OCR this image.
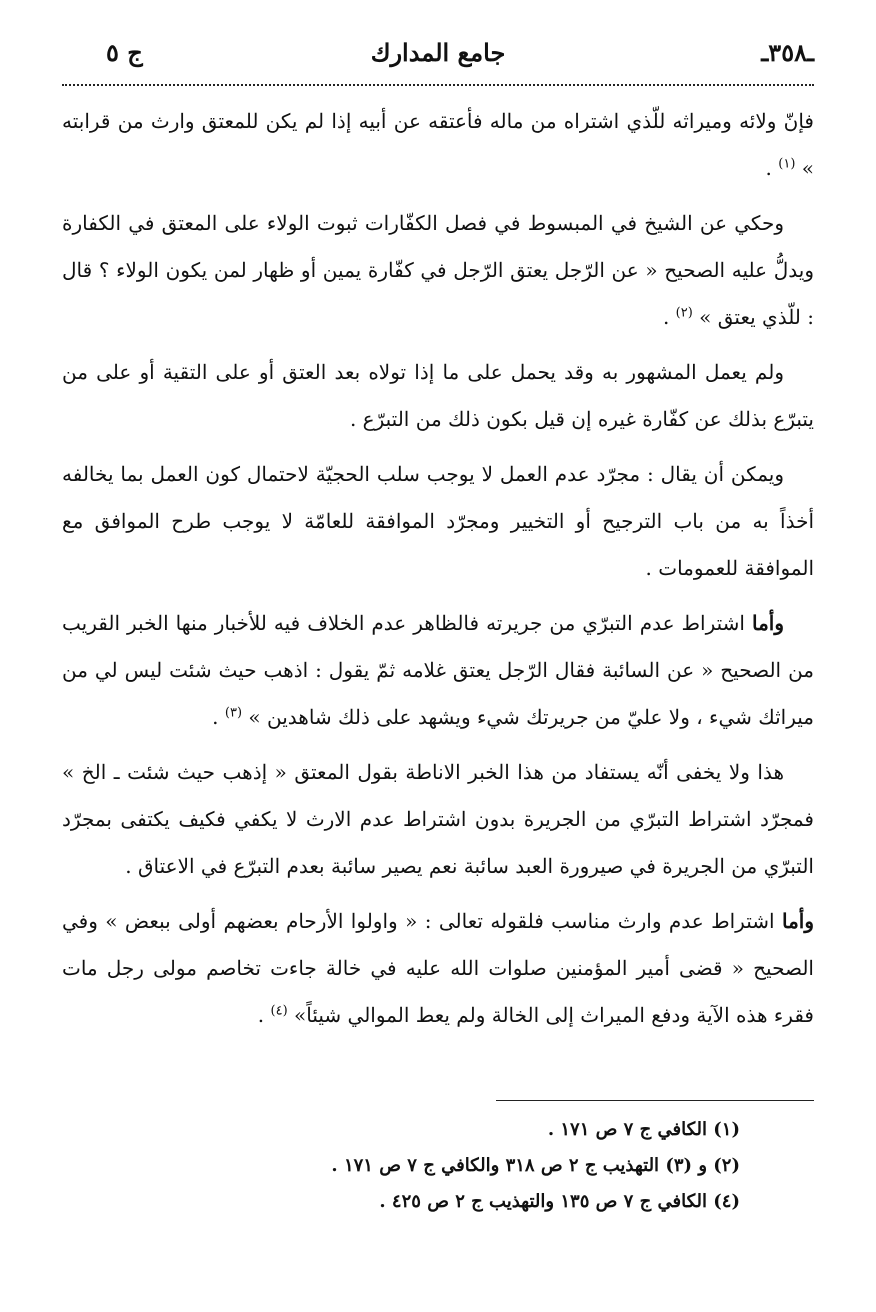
ـ٣٥٨ـ
جامع المدارك
ج ٥

فإنّ ولائه وميراثه للّذي اشتراه من ماله فأعتقه عن أبيه إذا لم يكن للمعتق وارث من قرابته » $^{(١)}$ .

وحكي عن الشيخ في المبسوط في فصل الكفّارات ثبوت الولاء على المعتق في الكفارة ويدلُّ عليه الصحيح « عن الرّجل يعتق الرّجل في كفّارة يمين أو ظهار لمن يكون الولاء ؟ قال : للّذي يعتق » $^{(٢)}$ .

ولم يعمل المشهور به وقد يحمل على ما إذا تولاه بعد العتق أو على التقية أو على من يتبرّع بذلك عن كفّارة غيره إن قيل بكون ذلك من التبرّع .

ويمكن أن يقال : مجرّد عدم العمل لا يوجب سلب الحجيّة لاحتمال كون العمل بما يخالفه أخذاً به من باب الترجيح أو التخيير ومجرّد الموافقة للعامّة لا يوجب طرح الموافق مع الموافقة للعمومات .

وأما اشتراط عدم التبرّي من جريرته فالظاهر عدم الخلاف فيه للأخبار منها الخبر القريب من الصحيح « عن السائبة فقال الرّجل يعتق غلامه ثمّ يقول : اذهب حيث شئت ليس لي من ميراثك شيء ، ولا عليّ من جريرتك شيء ويشهد على ذلك شاهدين » $^{(٣)}$ .

هذا ولا يخفى أنّه يستفاد من هذا الخبر الاناطة بقول المعتق « إذهب حيث شئت ـ الخ » فمجرّد اشتراط التبرّي من الجريرة بدون اشتراط عدم الارث لا يكفي فكيف يكتفى بمجرّد التبرّي من الجريرة في صيرورة العبد سائبة نعم يصير سائبة بعدم التبرّع في الاعتاق .

وأما اشتراط عدم وارث مناسب فلقوله تعالى : « واولوا الأرحام بعضهم أولى ببعض » وفي الصحيح « قضى أمير المؤمنين صلوات الله عليه في خالة جاءت تخاصم مولى رجل مات فقرء هذه الآية ودفع الميراث إلى الخالة ولم يعط الموالي شيئاً» $^{(٤)}$ .

(١) الكافي ج ٧ ص ١٧١ .
(٢) و (٣) التهذيب ج ٢ ص ٣١٨ والكافي ج ٧ ص ١٧١ .
(٤) الكافي ج ٧ ص ١٣٥ والتهذيب ج ٢ ص ٤٢٥ .
